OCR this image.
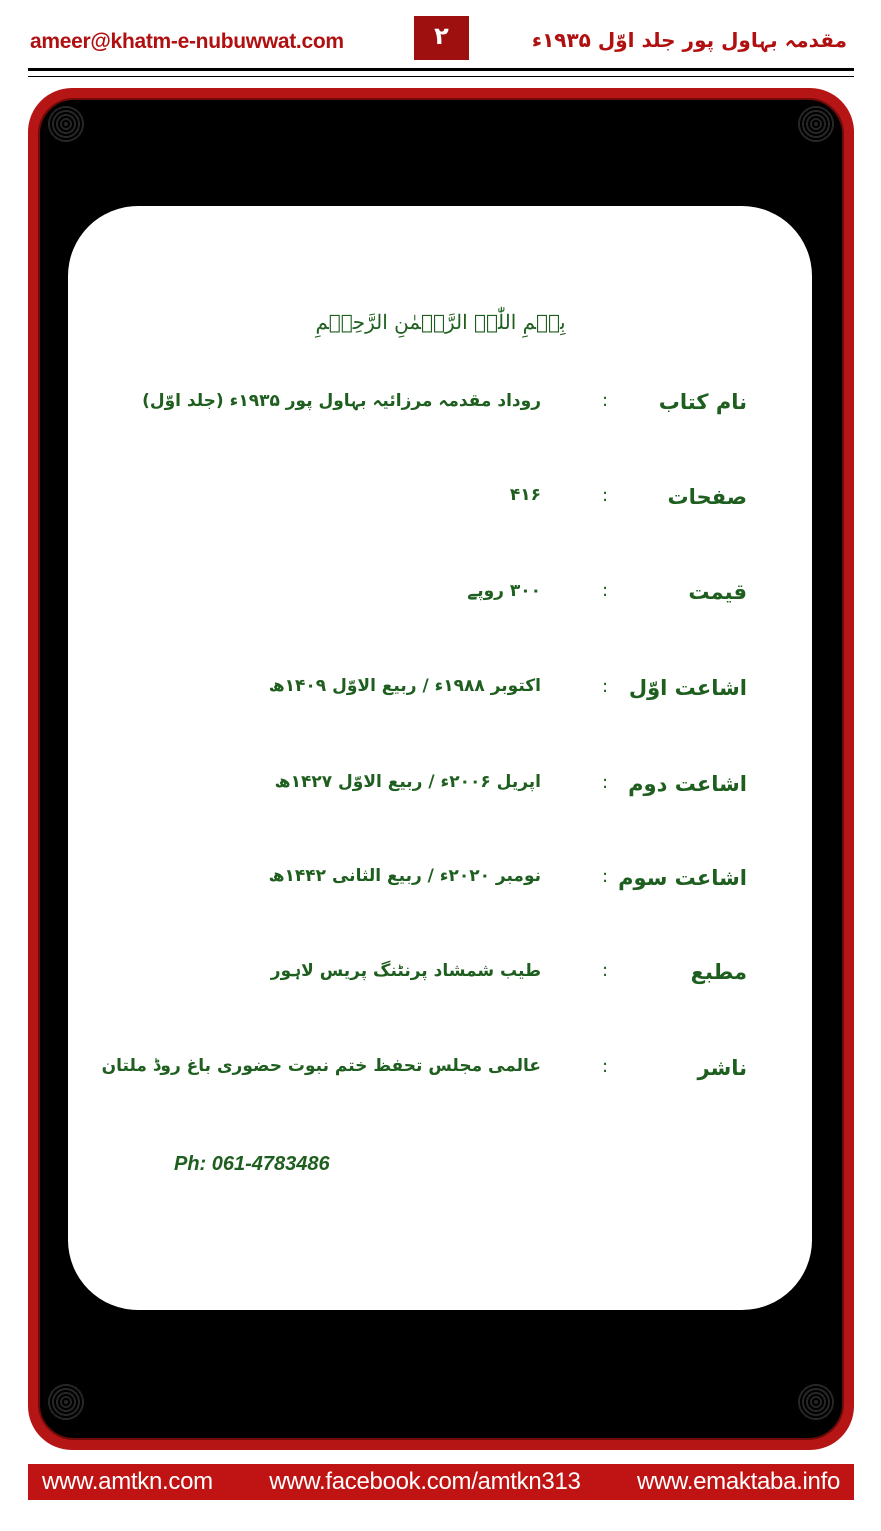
ameer@khatm-e-nubuwwat.com	۲	مقدمہ بہاول پور جلد اوّل ۱۹۳۵ء
بِسۡمِ اللّٰہِ الرَّحۡمٰنِ الرَّحِیۡمِ
نام کتاب
:
روداد مقدمہ مرزائیہ بہاول پور ۱۹۳۵ء (جلد اوّل)
صفحات
:
۴۱۶
قیمت
:
۳۰۰ روپے
اشاعت اوّل
:
اکتوبر ۱۹۸۸ء / ربیع الاوّل ۱۴۰۹ھ
اشاعت دوم
:
اپریل ۲۰۰۶ء / ربیع الاوّل ۱۴۲۷ھ
اشاعت سوم
:
نومبر ۲۰۲۰ء / ربیع الثانی ۱۴۴۲ھ
مطبع
:
طیب شمشاد پرنٹنگ پریس لاہور
ناشر
:
عالمی مجلس تحفظ ختم نبوت حضوری باغ روڈ ملتان
Ph: 061-4783486
www.amtkn.com www.facebook.com/amtkn313 www.emaktaba.info
